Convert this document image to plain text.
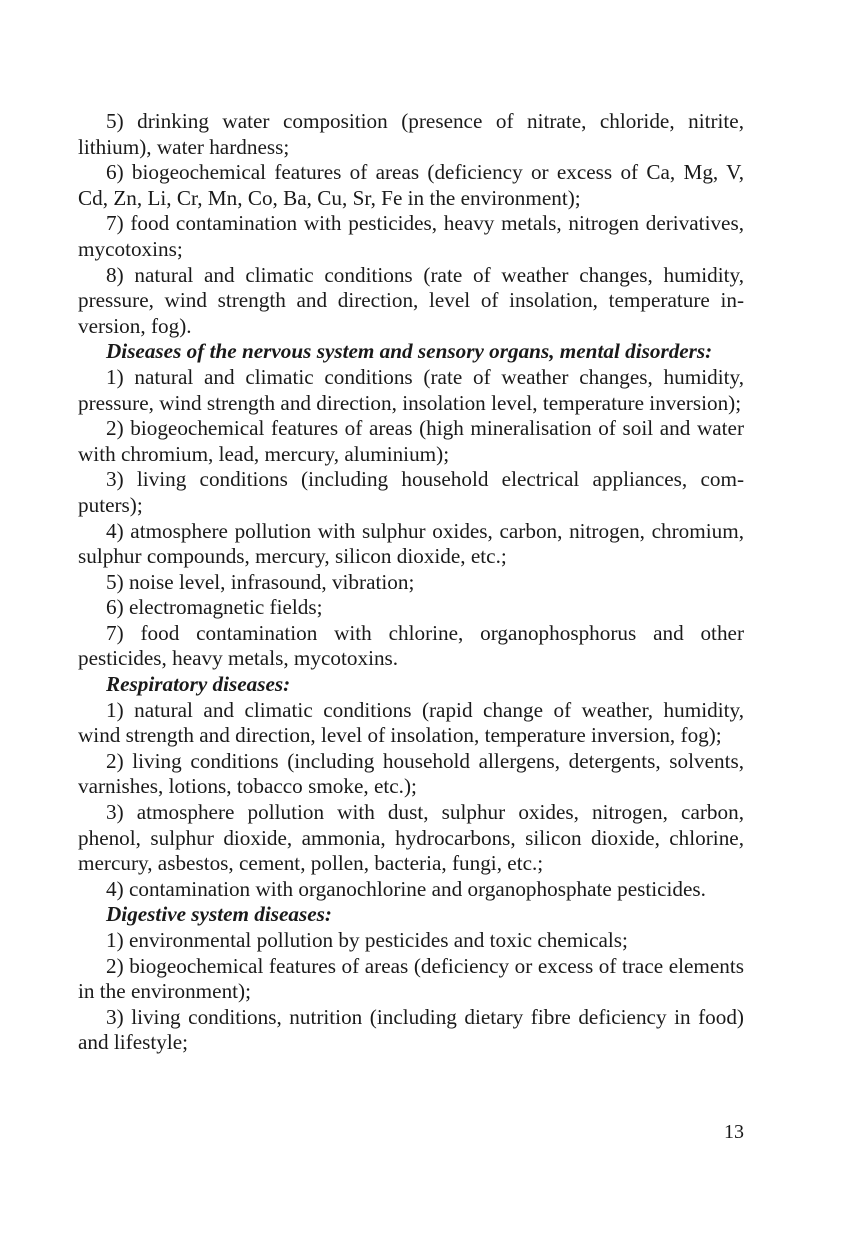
5) drinking water composition (presence of nitrate, chloride, nitrite, lithium), water hardness;

6) biogeochemical features of areas (deficiency or excess of Ca, Mg, V, Cd, Zn, Li, Cr, Mn, Co, Ba, Cu, Sr, Fe in the environment);

7) food contamination with pesticides, heavy metals, nitrogen derivatives, mycotoxins;

8) natural and climatic conditions (rate of weather changes, humidity, pressure, wind strength and direction, level of insolation, temperature inversion, fog).

Diseases of the nervous system and sensory organs, mental disorders:

1) natural and climatic conditions (rate of weather changes, humidity, pressure, wind strength and direction, insolation level, temperature inversion);

2) biogeochemical features of areas (high mineralisation of soil and water with chromium, lead, mercury, aluminium);

3) living conditions (including household electrical appliances, computers);

4) atmosphere pollution with sulphur oxides, carbon, nitrogen, chromium, sulphur compounds, mercury, silicon dioxide, etc.;

5) noise level, infrasound, vibration;

6) electromagnetic fields;

7) food contamination with chlorine, organophosphorus and other pesticides, heavy metals, mycotoxins.

Respiratory diseases:

1) natural and climatic conditions (rapid change of weather, humidity, wind strength and direction, level of insolation, temperature inversion, fog);

2) living conditions (including household allergens, detergents, solvents, varnishes, lotions, tobacco smoke, etc.);

3) atmosphere pollution with dust, sulphur oxides, nitrogen, carbon, phenol, sulphur dioxide, ammonia, hydrocarbons, silicon dioxide, chlorine, mercury, asbestos, cement, pollen, bacteria, fungi, etc.;

4) contamination with organochlorine and organophosphate pesticides.

Digestive system diseases:

1) environmental pollution by pesticides and toxic chemicals;

2) biogeochemical features of areas (deficiency or excess of trace elements in the environment);

3) living conditions, nutrition (including dietary fibre deficiency in food) and lifestyle;

13
